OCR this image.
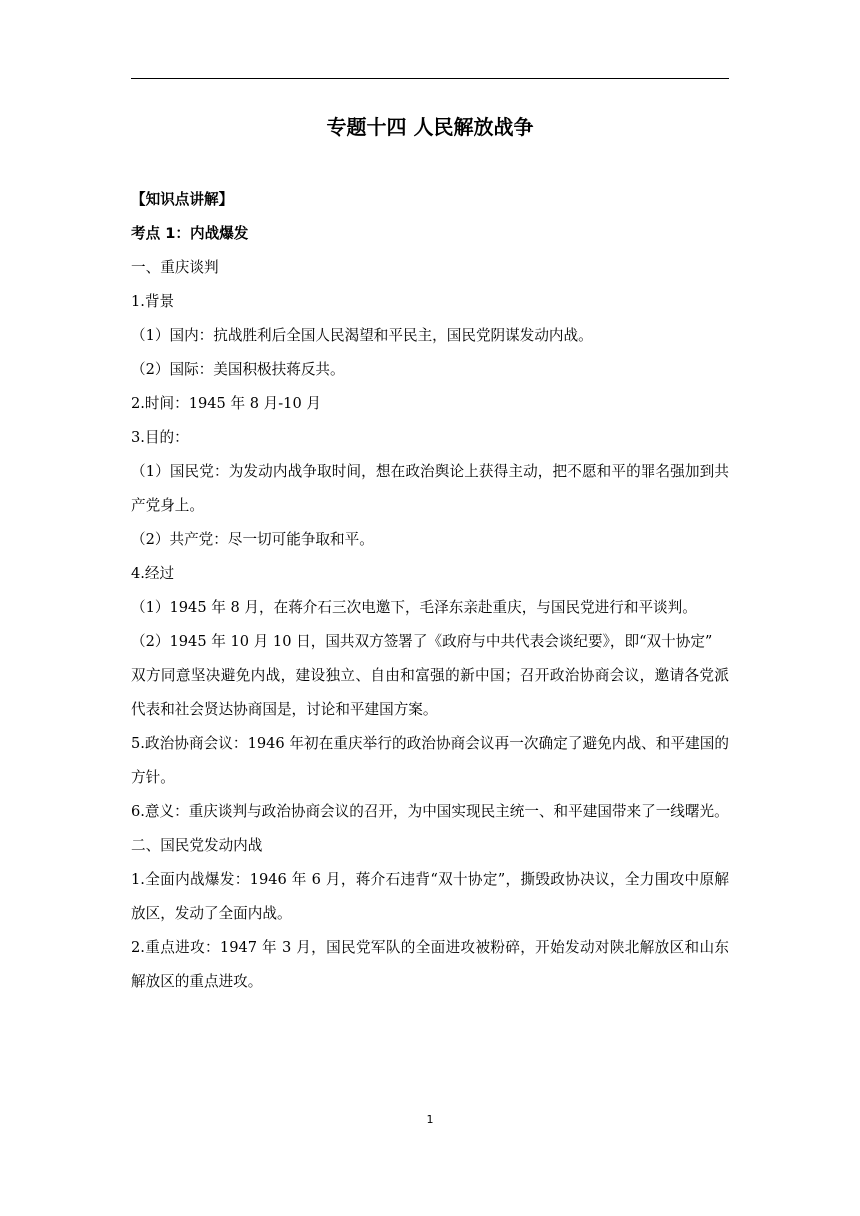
专题十四 人民解放战争

【知识点讲解】

考点 1：内战爆发

一、重庆谈判

1.背景

（1）国内：抗战胜利后全国人民渴望和平民主，国民党阴谋发动内战。

（2）国际：美国积极扶蒋反共。

2.时间：1945 年 8 月-10 月

3.目的：

（1）国民党：为发动内战争取时间，想在政治舆论上获得主动，把不愿和平的罪名强加到共产党身上。

（2）共产党：尽一切可能争取和平。

4.经过

（1）1945 年 8 月，在蒋介石三次电邀下，毛泽东亲赴重庆，与国民党进行和平谈判。

（2）1945 年 10 月 10 日，国共双方签署了《政府与中共代表会谈纪要》，即“双十协定”

双方同意坚决避免内战，建设独立、自由和富强的新中国；召开政治协商会议，邀请各党派代表和社会贤达协商国是，讨论和平建国方案。

5.政治协商会议：1946 年初在重庆举行的政治协商会议再一次确定了避免内战、和平建国的方针。

6.意义：重庆谈判与政治协商会议的召开，为中国实现民主统一、和平建国带来了一线曙光。

二、国民党发动内战

1.全面内战爆发：1946 年 6 月，蒋介石违背“双十协定”，撕毁政协决议，全力围攻中原解放区，发动了全面内战。

2.重点进攻：1947 年 3 月，国民党军队的全面进攻被粉碎，开始发动对陕北解放区和山东解放区的重点进攻。

1
